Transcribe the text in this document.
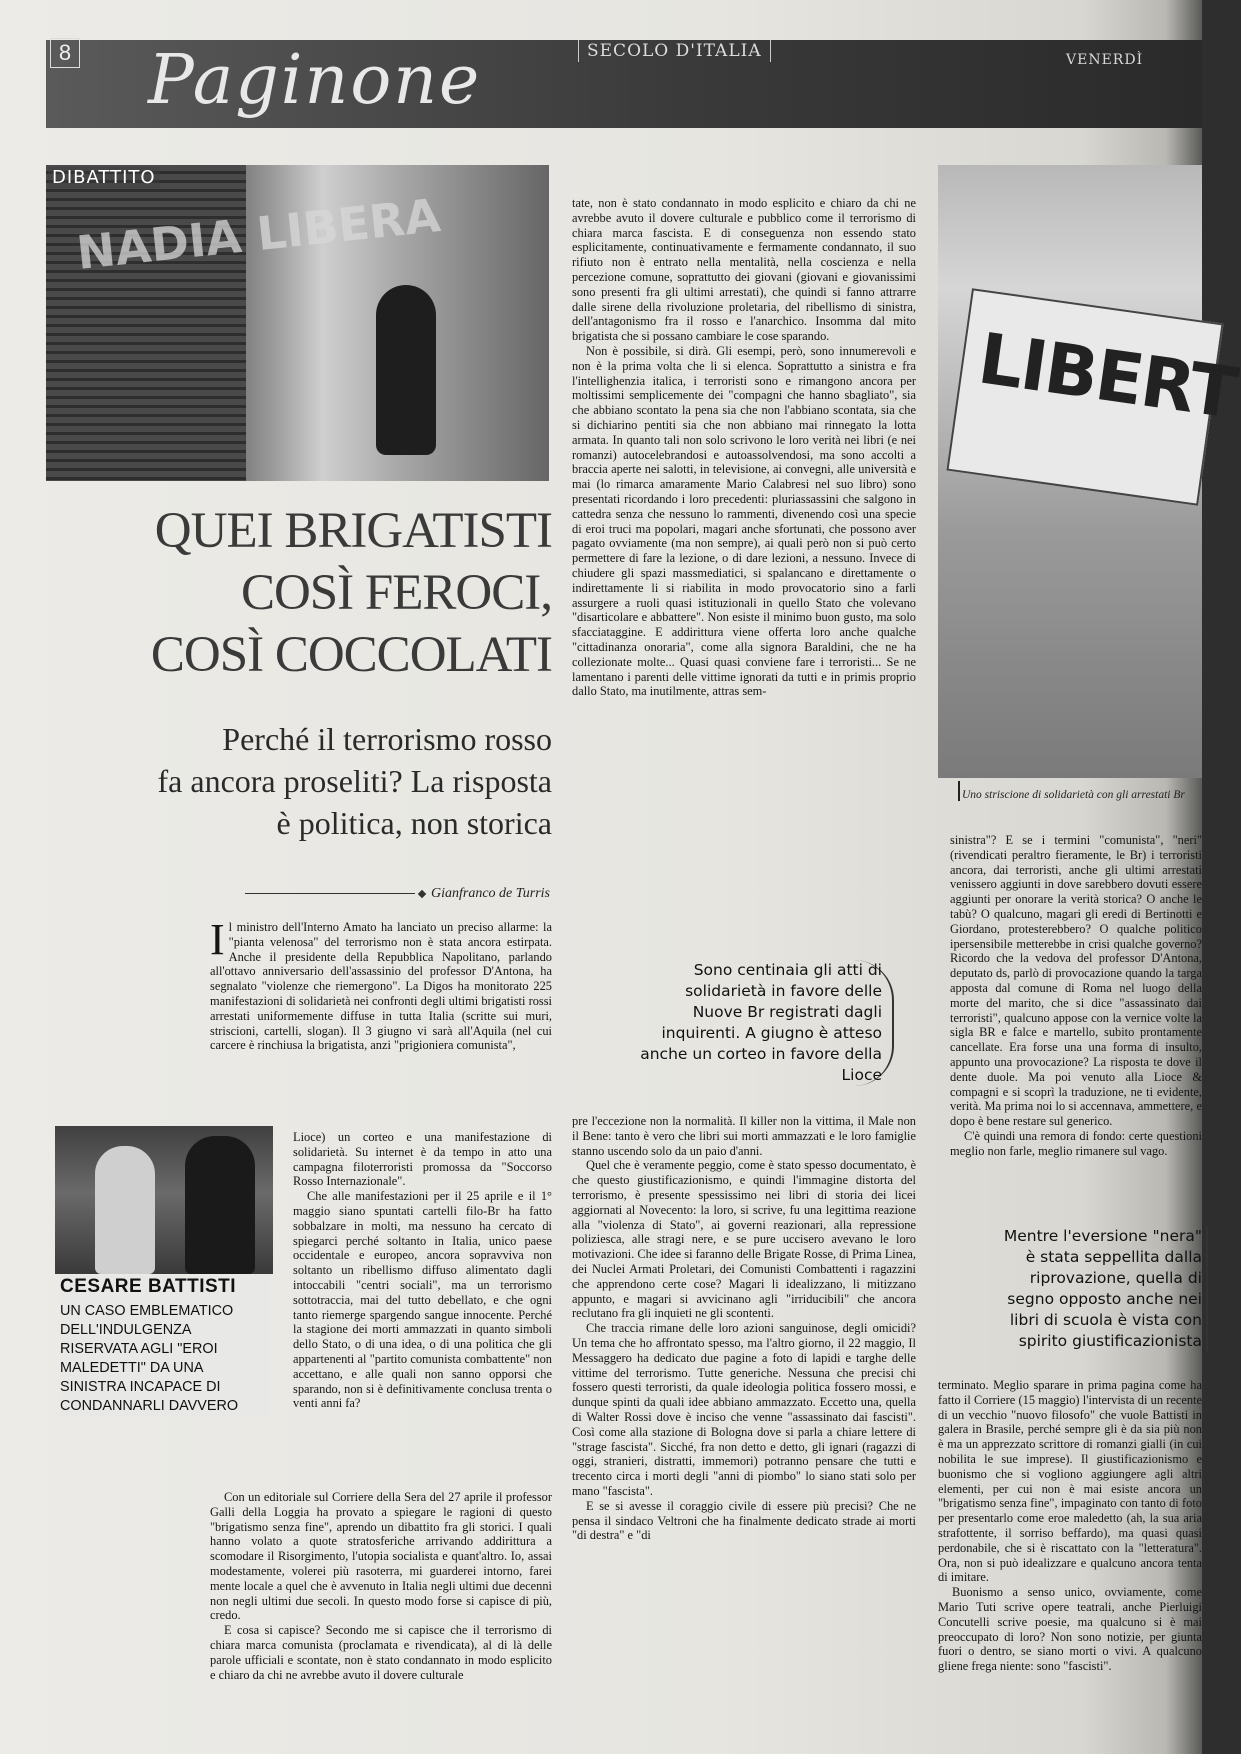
8 Paginone	SECOLO D'ITALIA	VENERDÌ
NADIA LIBERA
DIBATTITO
QUEI BRIGATISTI
COSÌ FEROCI,
COSÌ COCCOLATI
Perché il terrorismo rosso
fa ancora proseliti? La risposta
è politica, non storica
Gianfranco de Turris

Il ministro dell'Interno Amato ha lanciato un preciso allarme: la "pianta velenosa" del terrorismo non è stata ancora estirpata. Anche il presidente della Repubblica Napolitano, parlando all'ottavo anniversario dell'assassinio del professor D'Antona, ha segnalato "violenze che riemergono". La Digos ha monitorato 225 manifestazioni di solidarietà nei confronti degli ultimi brigatisti rossi arrestati uniformemente diffuse in tutta Italia (scritte sui muri, striscioni, cartelli, slogan). Il 3 giugno vi sarà all'Aquila (nel cui carcere è rinchiusa la brigatista, anzi "prigioniera comunista",

CESARE BATTISTI
UN CASO EMBLEMATICO DELL'INDULGENZA RISERVATA AGLI "EROI MALEDETTI" DA UNA SINISTRA INCAPACE DI CONDANNARLI DAVVERO

Lioce) un corteo e una manifestazione di solidarietà. Su internet è da tempo in atto una campagna filoterroristi promossa da "Soccorso Rosso Internazionale".

Che alle manifestazioni per il 25 aprile e il 1° maggio siano spuntati cartelli filo-Br ha fatto sobbalzare in molti, ma nessuno ha cercato di spiegarci perché soltanto in Italia, unico paese occidentale e europeo, ancora sopravviva non soltanto un ribellismo diffuso alimentato dagli intoccabili "centri sociali", ma un terrorismo sottotraccia, mai del tutto debellato, e che ogni tanto riemerge spargendo sangue innocente. Perché la stagione dei morti ammazzati in quanto simboli dello Stato, o di una idea, o di una politica che gli appartenenti al "partito comunista combattente" non accettano, e alle quali non sanno opporsi che sparando, non si è definitivamente conclusa trenta o venti anni fa?

Con un editoriale sul Corriere della Sera del 27 aprile il professor Galli della Loggia ha provato a spiegare le ragioni di questo "brigatismo senza fine", aprendo un dibattito fra gli storici. I quali hanno volato a quote stratosferiche arrivando addirittura a scomodare il Risorgimento, l'utopia socialista e quant'altro. Io, assai modestamente, volerei più rasoterra, mi guarderei intorno, farei mente locale a quel che è avvenuto in Italia negli ultimi due decenni non negli ultimi due secoli. In questo modo forse si capisce di più, credo.

E cosa si capisce? Secondo me si capisce che il terrorismo di chiara marca comunista (proclamata e rivendicata), al di là delle parole ufficiali e scontate, non è stato condannato in modo esplicito e chiaro da chi ne avrebbe avuto il dovere culturale

tate, non è stato condannato in modo esplicito e chiaro da chi ne avrebbe avuto il dovere culturale e pubblico come il terrorismo di chiara marca fascista. E di conseguenza non essendo stato esplicitamente, continuativamente e fermamente condannato, il suo rifiuto non è entrato nella mentalità, nella coscienza e nella percezione comune, soprattutto dei giovani (giovani e giovanissimi sono presenti fra gli ultimi arrestati), che quindi si fanno attrarre dalle sirene della rivoluzione proletaria, del ribellismo di sinistra, dell'antagonismo fra il rosso e l'anarchico. Insomma dal mito brigatista che si possano cambiare le cose sparando.

Non è possibile, si dirà. Gli esempi, però, sono innumerevoli e non è la prima volta che li si elenca. Soprattutto a sinistra e fra l'intellighenzia italica, i terroristi sono e rimangono ancora per moltissimi semplicemente dei "compagni che hanno sbagliato", sia che abbiano scontato la pena sia che non l'abbiano scontata, sia che si dichiarino pentiti sia che non abbiano mai rinnegato la lotta armata. In quanto tali non solo scrivono le loro verità nei libri (e nei romanzi) autocelebrandosi e autoassolvendosi, ma sono accolti a braccia aperte nei salotti, in televisione, ai convegni, alle università e mai (lo rimarca amaramente Mario Calabresi nel suo libro) sono presentati ricordando i loro precedenti: pluriassassini che salgono in cattedra senza che nessuno lo rammenti, divenendo così una specie di eroi truci ma popolari, magari anche sfortunati, che possono aver pagato ovviamente (ma non sempre), ai quali però non si può certo permettere di fare la lezione, o di dare lezioni, a nessuno. Invece di chiudere gli spazi massmediatici, si spalancano e direttamente o indirettamente li si riabilita in modo provocatorio sino a farli assurgere a ruoli quasi istituzionali in quello Stato che volevano "disarticolare e abbattere". Non esiste il minimo buon gusto, ma solo sfacciataggine. E addirittura viene offerta loro anche qualche "cittadinanza onoraria", come alla signora Baraldini, che ne ha collezionate molte... Quasi quasi conviene fare i terroristi... Se ne lamentano i parenti delle vittime ignorati da tutti e in primis proprio dallo Stato, ma inutilmente, attras sem-

Sono centinaia gli atti di solidarietà in favore delle Nuove Br registrati dagli inquirenti. A giugno è atteso anche un corteo in favore della Lioce

pre l'eccezione non la normalità. Il killer non la vittima, il Male non il Bene: tanto è vero che libri sui morti ammazzati e le loro famiglie stanno uscendo solo da un paio d'anni.

Quel che è veramente peggio, come è stato spesso documentato, è che questo giustificazionismo, e quindi l'immagine distorta del terrorismo, è presente spessissimo nei libri di storia dei licei aggiornati al Novecento: la loro, si scrive, fu una legittima reazione alla "violenza di Stato", ai governi reazionari, alla repressione poliziesca, alle stragi nere, e se pure uccisero avevano le loro motivazioni. Che idee si faranno delle Brigate Rosse, di Prima Linea, dei Nuclei Armati Proletari, dei Comunisti Combattenti i ragazzini che apprendono certe cose? Magari li idealizzano, li mitizzano appunto, e magari si avvicinano agli "irriducibili" che ancora reclutano fra gli inquieti ne gli scontenti.

Che traccia rimane delle loro azioni sanguinose, degli omicidi? Un tema che ho affrontato spesso, ma l'altro giorno, il 22 maggio, Il Messaggero ha dedicato due pagine a foto di lapidi e targhe delle vittime del terrorismo. Tutte generiche. Nessuna che precisi chi fossero questi terroristi, da quale ideologia politica fossero mossi, e dunque spinti da quali idee abbiano ammazzato. Eccetto una, quella di Walter Rossi dove è inciso che venne "assassinato dai fascisti". Così come alla stazione di Bologna dove si parla a chiare lettere di "strage fascista". Sicché, fra non detto e detto, gli ignari (ragazzi di oggi, stranieri, distratti, immemori) potranno pensare che tutti e trecento circa i morti degli "anni di piombo" lo siano stati solo per mano "fascista".

E se si avesse il coraggio civile di essere più precisi? Che ne pensa il sindaco Veltroni che ha finalmente dedicato strade ai morti "di destra" e "di

LIBERT
Uno striscione di solidarietà con gli arrestati Br

sinistra"? E se i termini "comunista", "neri" (rivendicati peraltro fieramente, le Br) i terroristi ancora, dai terroristi, anche gli ultimi arrestati venissero aggiunti in dove sarebbero dovuti essere aggiunti per onorare la verità storica? O anche le tabù? O qualcuno, magari gli eredi di Bertinotti e Giordano, protesterebbero? O qualche politico ipersensibile metterebbe in crisi qualche governo? Ricordo che la vedova del professor D'Antona, deputato ds, parlò di provocazione quando la targa apposta dal comune di Roma nel luogo della morte del marito, che si dice "assassinato dai terroristi", qualcuno appose con la vernice volte la sigla BR e falce e martello, subito prontamente cancellate. Era forse una una forma di insulto, appunto una provocazione? La risposta te dove il dente duole. Ma poi venuto alla Lioce & compagni e si scoprì la traduzione, ne ti evidente, verità. Ma prima noi lo si accennava, ammettere, e dopo è bene restare sul generico.

C'è quindi una remora di fondo: certe questioni meglio non farle, meglio rimanere sul vago.

Mentre l'eversione "nera" è stata seppellita dalla riprovazione, quella di segno opposto anche nei libri di scuola è vista con spirito giustificazionista

terminato. Meglio sparare in prima pagina come ha fatto il Corriere (15 maggio) l'intervista di un recente di un vecchio "nuovo filosofo" che vuole Battisti in galera in Brasile, perché sempre gli è da sia più non è ma un apprezzato scrittore di romanzi gialli (in cui nobilita le sue imprese). Il giustificazionismo e buonismo che si vogliono aggiungere agli altri elementi, per cui non è mai esiste ancora un "brigatismo senza fine", impaginato con tanto di foto per presentarlo come eroe maledetto (ah, la sua aria strafottente, il sorriso beffardo), ma quasi quasi perdonabile, che si è riscattato con la "letteratura". Ora, non si può idealizzare e qualcuno ancora tenta di imitare.

Buonismo a senso unico, ovviamente, come Mario Tuti scrive opere teatrali, anche Pierluigi Concutelli scrive poesie, ma qualcuno si è mai preoccupato di loro? Non sono notizie, per giunta fuori o dentro, se siano morti o vivi. A qualcuno gliene frega niente: sono "fascisti".
